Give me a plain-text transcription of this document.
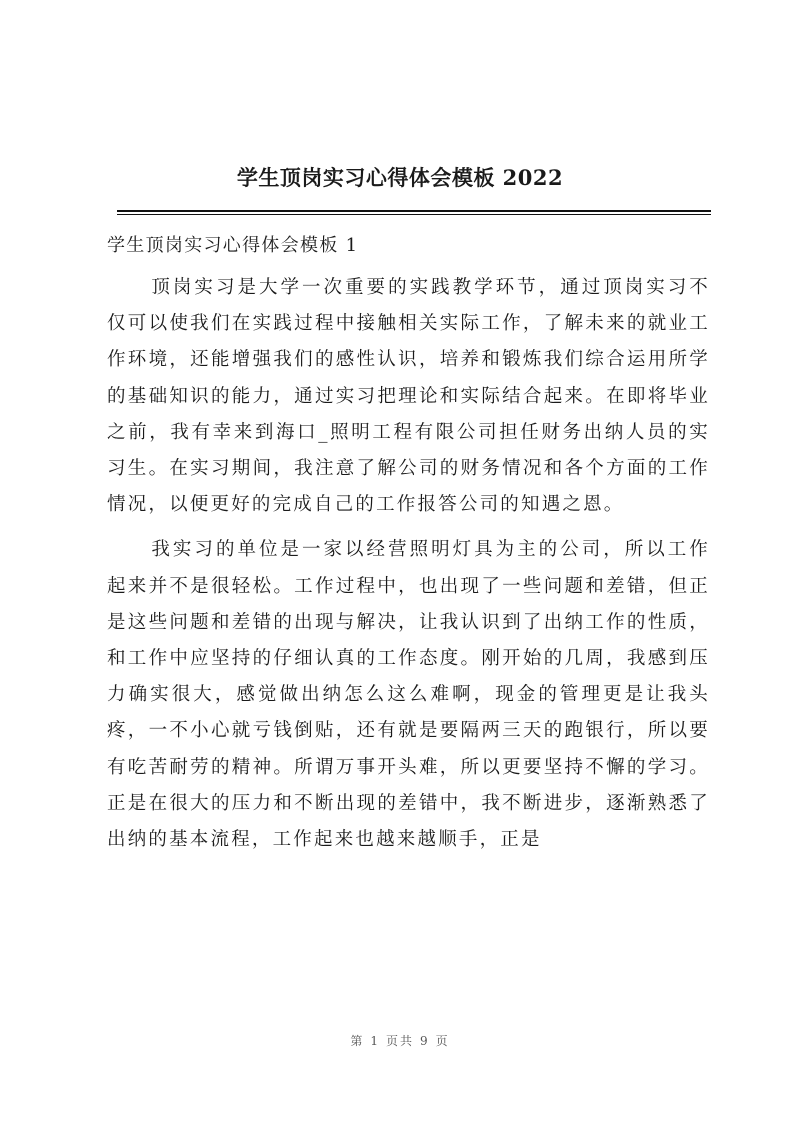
学生顶岗实习心得体会模板 2022
学生顶岗实习心得体会模板 1

顶岗实习是大学一次重要的实践教学环节，通过顶岗实习不仅可以使我们在实践过程中接触相关实际工作，了解未来的就业工作环境，还能增强我们的感性认识，培养和锻炼我们综合运用所学的基础知识的能力，通过实习把理论和实际结合起来。在即将毕业之前，我有幸来到海口_照明工程有限公司担任财务出纳人员的实习生。在实习期间，我注意了解公司的财务情况和各个方面的工作情况，以便更好的完成自己的工作报答公司的知遇之恩。

我实习的单位是一家以经营照明灯具为主的公司，所以工作起来并不是很轻松。工作过程中，也出现了一些问题和差错，但正是这些问题和差错的出现与解决，让我认识到了出纳工作的性质，和工作中应坚持的仔细认真的工作态度。刚开始的几周，我感到压力确实很大，感觉做出纳怎么这么难啊，现金的管理更是让我头疼，一不小心就亏钱倒贴，还有就是要隔两三天的跑银行，所以要有吃苦耐劳的精神。所谓万事开头难，所以更要坚持不懈的学习。正是在很大的压力和不断出现的差错中，我不断进步，逐渐熟悉了出纳的基本流程，工作起来也越来越顺手，正是

第 1 页共 9 页
